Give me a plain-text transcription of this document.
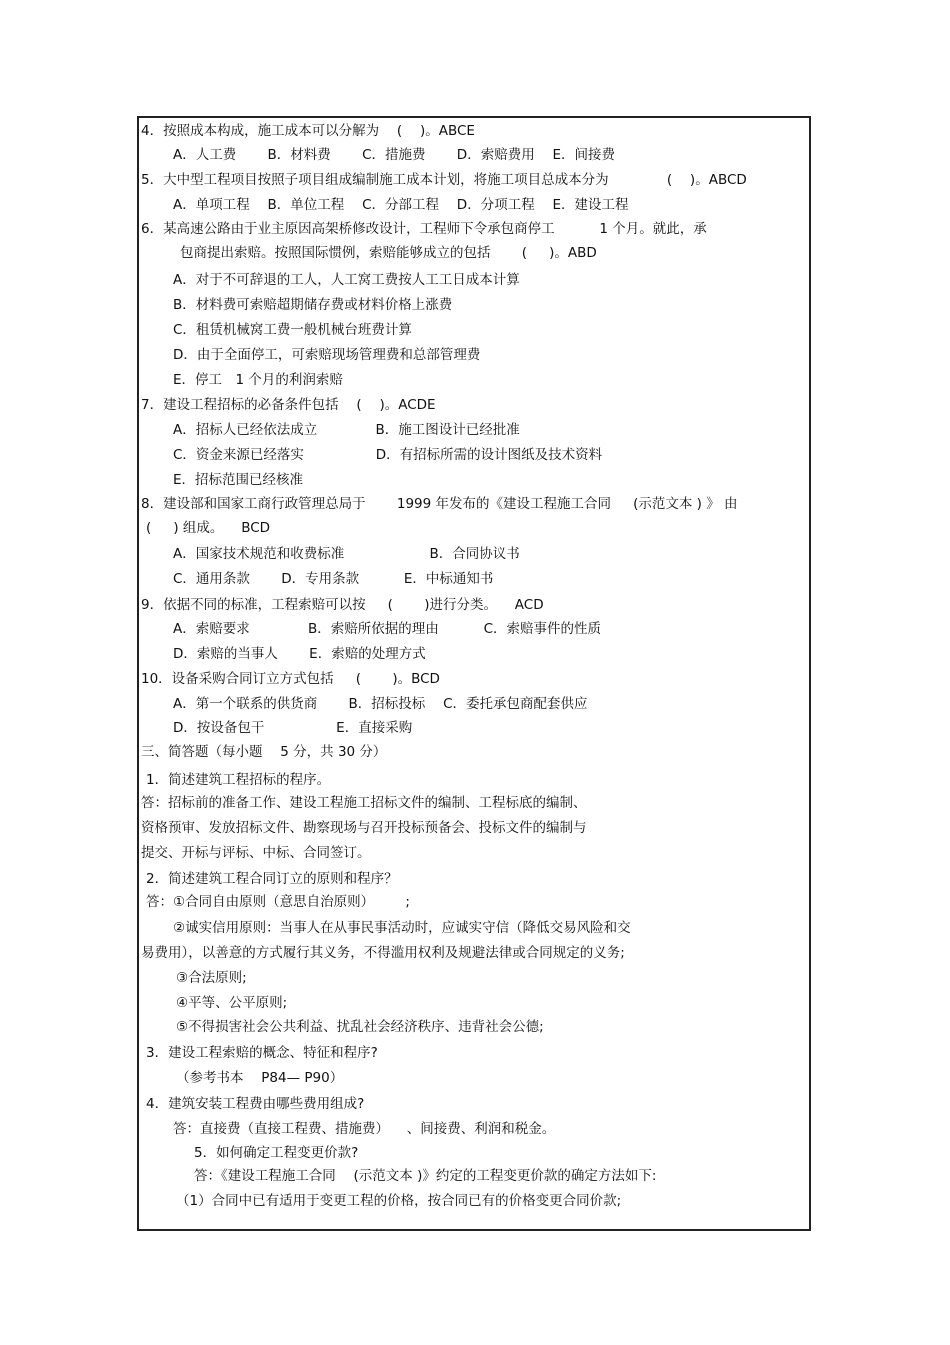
4．按照成本构成，施工成本可以分解为 　( 　)。ABCE
A．人工费 　　B．材料费 　　C．措施费 　　D．索赔费用 　E．间接费
5．大中型工程项目按照子项目组成编制施工成本计划，将施工项目总成本分为 　　　　( 　)。ABCD
A．单项工程 　B．单位工程 　C．分部工程 　D．分项工程 　E．建设工程
6．某高速公路由于业主原因高架桥修改设计，工程师下令承包商停工 　　　1 个月。就此，承
包商提出索赔。按照国际惯例，索赔能够成立的包括 　　( 　 )。ABD
A．对于不可辞退的工人，人工窝工费按人工工日成本计算
B．材料费可索赔超期储存费或材料价格上涨费
C．租赁机械窝工费一般机械台班费计算
D．由于全面停工，可索赔现场管理费和总部管理费
E．停工　1 个月的利润索赔
7．建设工程招标的必备条件包括 　( 　)。ACDE
A．招标人已经依法成立 　　　　B．施工图设计已经批准
C．资金来源已经落实 　　　　　D．有招标所需的设计图纸及技术资料
E．招标范围已经核准
8．建设部和国家工商行政管理总局于 　　1999 年发布的《建设工程施工合同 　 (示范文本 ) 》 由
( 　 ) 组成。 　BCD
A．国家技术规范和收费标准 　　　　　　B．合同协议书
C．通用条款 　　D．专用条款 　　　E．中标通知书
9．依据不同的标准，工程索赔可以按 　 ( 　　)进行分类。 　ACD
A．索赔要求 　　　　B．索赔所依据的理由 　　　C．索赔事件的性质
D．索赔的当事人 　　E．索赔的处理方式
10．设备采购合同订立方式包括 　 ( 　　)。BCD
A．第一个联系的供货商 　　B．招标投标 　C．委托承包商配套供应
D．按设备包干 　　　　　E．直接采购
三、简答题（每小题 　5 分，共 30 分）
1．简述建筑工程招标的程序。
答：招标前的准备工作、建设工程施工招标文件的编制、工程标底的编制、
资格预审、发放招标文件、勘察现场与召开投标预备会、投标文件的编制与
提交、开标与评标、中标、合同签订。
2．简述建筑工程合同订立的原则和程序？
答：①合同自由原则（意思自治原则） 　　;
②诚实信用原则：当事人在从事民事活动时，应诚实守信（降低交易风险和交
易费用），以善意的方式履行其义务，不得滥用权利及规避法律或合同规定的义务;
③合法原则;
④平等、公平原则;
⑤不得损害社会公共利益、扰乱社会经济秩序、违背社会公德;
3．建设工程索赔的概念、特征和程序?
（参考书本 　P84— P90）
4．建筑安装工程费由哪些费用组成?
答：直接费（直接工程费、措施费） 　、间接费、利润和税金。
5．如何确定工程变更价款?
答：《建设工程施工合同 　(示范文本 )》约定的工程变更价款的确定方法如下:
（1）合同中已有适用于变更工程的价格，按合同已有的价格变更合同价款;
